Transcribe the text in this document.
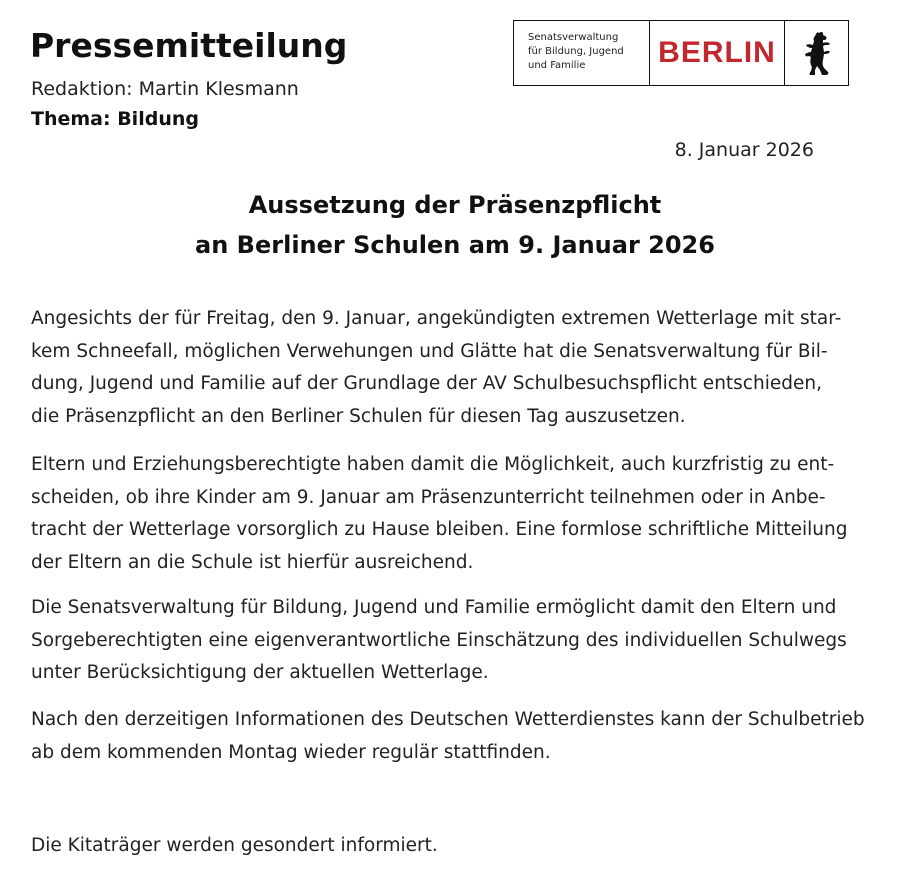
Pressemitteilung
Redaktion: Martin Klesmann
Thema: Bildung
Senatsverwaltung
für Bildung, Jugend
und Familie	BERLIN
8. Januar 2026
Aussetzung der Präsenzpflicht
an Berliner Schulen am 9. Januar 2026
Angesichts der für Freitag, den 9. Januar, angekündigten extremen Wetterlage mit star-
kem Schneefall, möglichen Verwehungen und Glätte hat die Senatsverwaltung für Bil-
dung, Jugend und Familie auf der Grundlage der AV Schulbesuchspflicht entschieden,
die Präsenzpflicht an den Berliner Schulen für diesen Tag auszusetzen.
Eltern und Erziehungsberechtigte haben damit die Möglichkeit, auch kurzfristig zu ent-
scheiden, ob ihre Kinder am 9. Januar am Präsenzunterricht teilnehmen oder in Anbe-
tracht der Wetterlage vorsorglich zu Hause bleiben. Eine formlose schriftliche Mitteilung
der Eltern an die Schule ist hierfür ausreichend.
Die Senatsverwaltung für Bildung, Jugend und Familie ermöglicht damit den Eltern und
Sorgeberechtigten eine eigenverantwortliche Einschätzung des individuellen Schulwegs
unter Berücksichtigung der aktuellen Wetterlage.
Nach den derzeitigen Informationen des Deutschen Wetterdienstes kann der Schulbetrieb
ab dem kommenden Montag wieder regulär stattfinden.
Die Kitaträger werden gesondert informiert.
